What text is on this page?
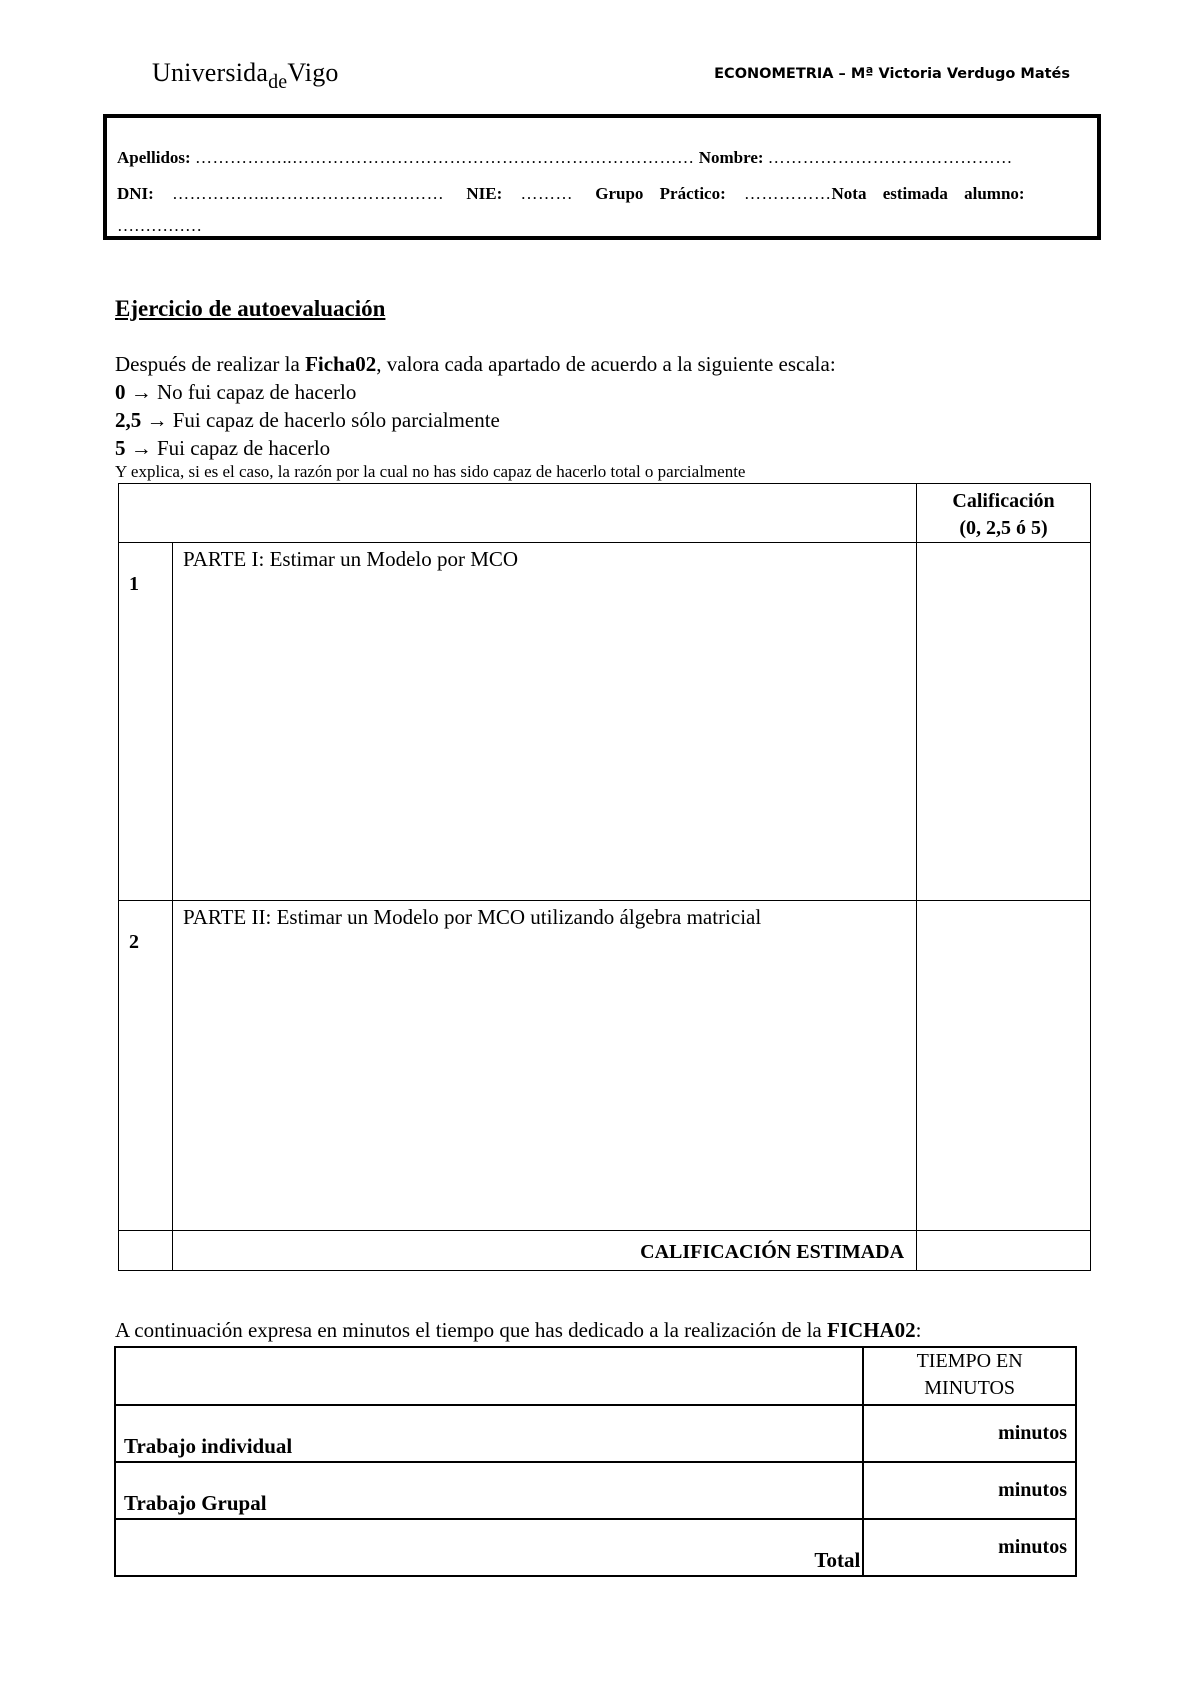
Universida$_{de}$Vigo	ECONOMETRIA – Mª Victoria Verdugo Matés
Apellidos: ……………..…………………………………………………………… Nombre: ……………………………………
DNI: ……………..………………………… NIE: ……… Grupo Práctico: ……………Nota estimada alumno:
……………
Ejercicio de autoevaluación
Después de realizar la Ficha02, valora cada apartado de acuerdo a la siguiente escala:
0 → No fui capaz de hacerlo
2,5 → Fui capaz de hacerlo sólo parcialmente
5 → Fui capaz de hacerlo
Y explica, si es el caso, la razón por la cual no has sido capaz de hacerlo total o parcialmente

		Calificación
(0, 2,5 ó 5)

1	PARTE I: Estimar un Modelo por MCO	
2	PARTE II: Estimar un Modelo por MCO utilizando álgebra matricial	
	CALIFICACIÓN ESTIMADA	
A continuación expresa en minutos el tiempo que has dedicado a la realización de la FICHA02:

	TIEMPO EN
MINUTOS

Trabajo individual	minutos
Trabajo Grupal	minutos
Total	minutos
